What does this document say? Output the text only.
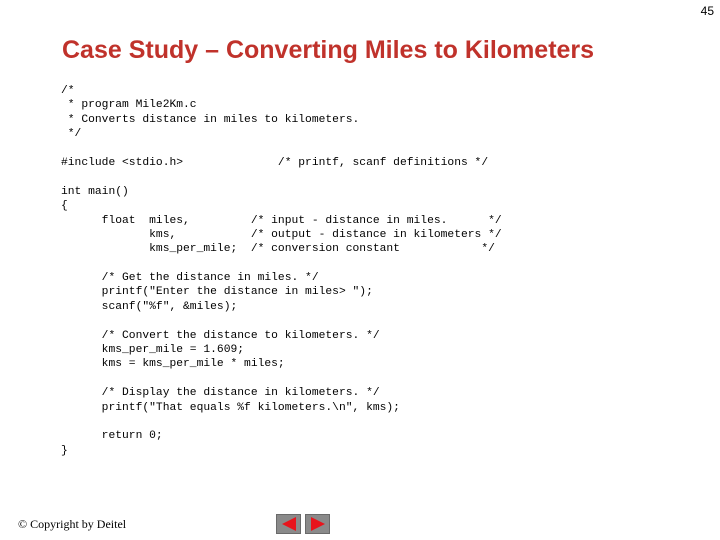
45
Case Study – Converting Miles to Kilometers
/*
* program Mile2Km.c
* Converts distance in miles to kilometers.
*/
#include <stdio.h>              /* printf, scanf definitions */
int main()
{
float  miles,         /* input - distance in miles.      */
kms,           /* output - distance in kilometers */
kms_per_mile;  /* conversion constant            */
/* Get the distance in miles. */
printf("Enter the distance in miles> ");
scanf("%f", &miles);
/* Convert the distance to kilometers. */
kms_per_mile = 1.609;
kms = kms_per_mile * miles;
/* Display the distance in kilometers. */
printf("That equals %f kilometers.\n", kms);
return 0;
}
© Copyright by Deitel
